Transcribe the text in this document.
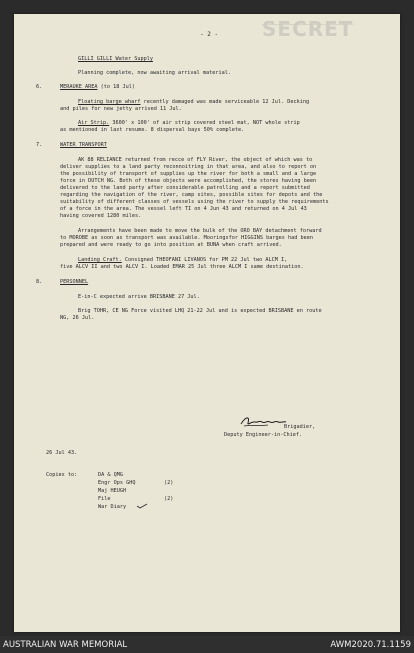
- 2 - SECRET
GILLI GILLI Water Supply
Planning complete, now awaiting arrival material.
6.	MERAUKE AREA (to 18 Jul)
Floating barge wharf recently damaged was made serviceable 12 Jul. Decking
and piles for new jetty arrived 11 Jul.
Air Strip. 3600' x 100' of air strip covered steel mat, NOT whole strip
as mentioned in last resume. 8 dispersal bays 50% complete.
7.	WATER TRANSPORT
AK 88 RELIANCE returned from recce of FLY River, the object of which was to
deliver supplies to a land party reconnoitring in that area, and also to report on
the possibility of transport of supplies up the river for both a small and a large
force in DUTCH NG. Both of these objects were accomplished, the stores having been
delivered to the land party after considerable patrolling and a report submitted
regarding the navigation of the river, camp sites, possible sites for depots and the
suitability of different classes of vessels using the river to supply the requirements
of a force in the area. The vessel left TI on 4 Jun 43 and returned on 4 Jul 43
having covered 1280 miles.
Arrangements have been made to move the bulk of the ORO BAY detachment forward
to MOROBE as soon as transport was available. Mooringsfor HIGGINS barges had been
prepared and were ready to go into position at BUNA when craft arrived.
Landing Craft. Consigned THEOFANI LIVANOS for PM 22 Jul two ALCM I,
five ALCV II and two ALCV I. Loaded EMAR 25 Jul three ALCM I same destination.
8.	PERSONNEL
E-in-C expected arrive BRISBANE 27 Jul.
Brig TOHR, CE NG Force visited LHQ 21-22 Jul and is expected BRISBANE en route
NG, 26 Jul.
Brigadier,
Deputy Engineer-in-Chief.
26 Jul 43.
Copies to:	DA & QMG
Engr Ops GHQ	(2)
Maj HEUGH
File	(2)
War Diary
AUSTRALIAN WAR MEMORIAL	AWM2020.71.1159
